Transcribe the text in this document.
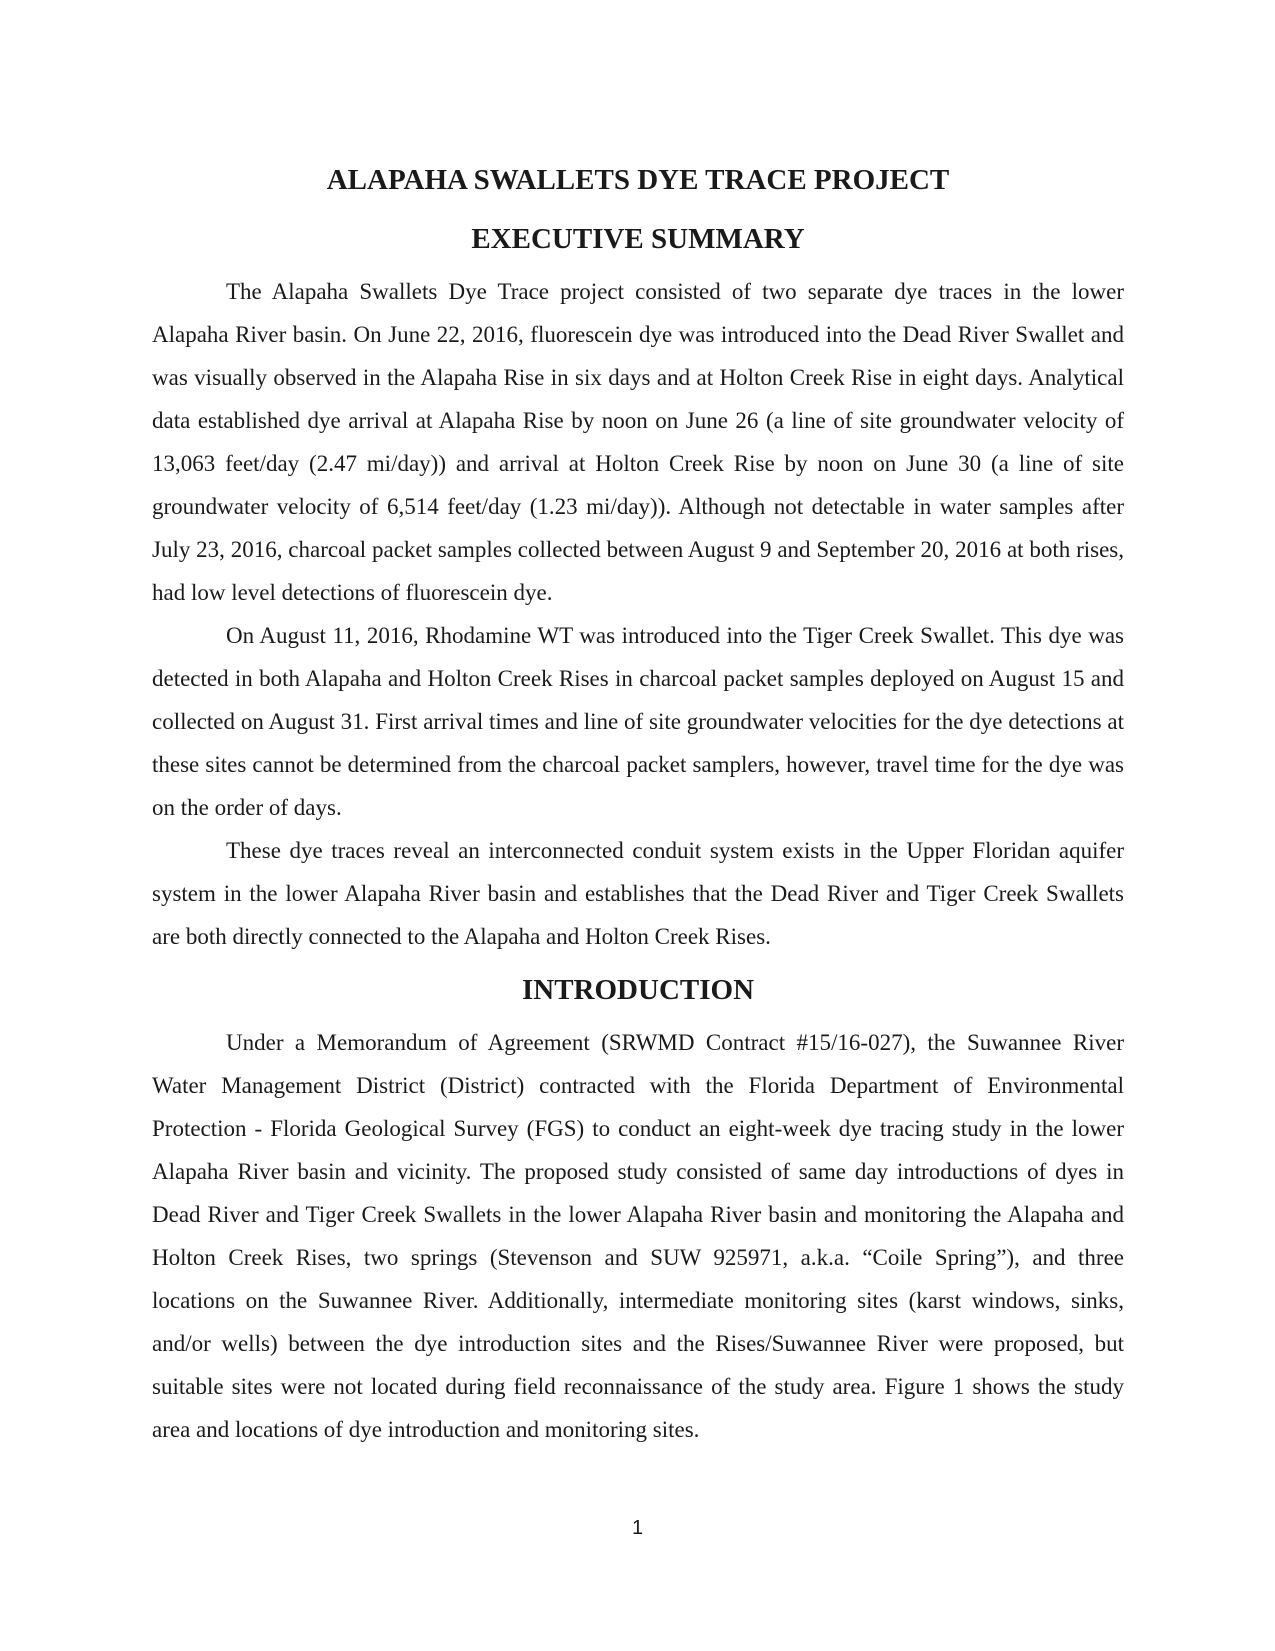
ALAPAHA SWALLETS DYE TRACE PROJECT
EXECUTIVE SUMMARY

The Alapaha Swallets Dye Trace project consisted of two separate dye traces in the lower Alapaha River basin. On June 22, 2016, fluorescein dye was introduced into the Dead River Swallet and was visually observed in the Alapaha Rise in six days and at Holton Creek Rise in eight days. Analytical data established dye arrival at Alapaha Rise by noon on June 26 (a line of site groundwater velocity of 13,063 feet/day (2.47 mi/day)) and arrival at Holton Creek Rise by noon on June 30 (a line of site groundwater velocity of 6,514 feet/day (1.23 mi/day)). Although not detectable in water samples after July 23, 2016, charcoal packet samples collected between August 9 and September 20, 2016 at both rises, had low level detections of fluorescein dye.

On August 11, 2016, Rhodamine WT was introduced into the Tiger Creek Swallet. This dye was detected in both Alapaha and Holton Creek Rises in charcoal packet samples deployed on August 15 and collected on August 31. First arrival times and line of site groundwater velocities for the dye detections at these sites cannot be determined from the charcoal packet samplers, however, travel time for the dye was on the order of days.

These dye traces reveal an interconnected conduit system exists in the Upper Floridan aquifer system in the lower Alapaha River basin and establishes that the Dead River and Tiger Creek Swallets are both directly connected to the Alapaha and Holton Creek Rises.

INTRODUCTION

Under a Memorandum of Agreement (SRWMD Contract #15/16-027), the Suwannee River Water Management District (District) contracted with the Florida Department of Environmental Protection - Florida Geological Survey (FGS) to conduct an eight-week dye tracing study in the lower Alapaha River basin and vicinity. The proposed study consisted of same day introductions of dyes in Dead River and Tiger Creek Swallets in the lower Alapaha River basin and monitoring the Alapaha and Holton Creek Rises, two springs (Stevenson and SUW 925971, a.k.a. “Coile Spring”), and three locations on the Suwannee River. Additionally, intermediate monitoring sites (karst windows, sinks, and/or wells) between the dye introduction sites and the Rises/Suwannee River were proposed, but suitable sites were not located during field reconnaissance of the study area. Figure 1 shows the study area and locations of dye introduction and monitoring sites.

1
